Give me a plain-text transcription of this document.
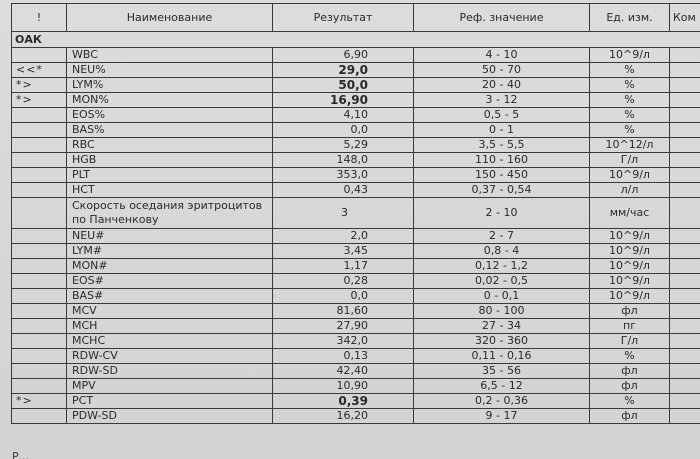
!	Наименование	Результат	Реф. значение	Ед. изм.	Ком
ОАК					
	WBC	6,90	4 - 10	10^9/л	
<<*	NEU%	29,0	50 - 70	%	
*>	LYM%	50,0	20 - 40	%	
*>	MON%	16,90	3 - 12	%	
	EOS%	4,10	0,5 - 5	%	
	BAS%	0,0	0 - 1	%	
	RBC	5,29	3,5 - 5,5	10^12/л	
	HGB	148,0	110 - 160	Г/л	
	PLT	353,0	150 - 450	10^9/л	
	HCT	0,43	0,37 - 0,54	л/л	
	Скорость оседания эритроцитов по Панченкову	3	2 - 10	мм/час	
	NEU#	2,0	2 - 7	10^9/л	
	LYM#	3,45	0,8 - 4	10^9/л	
	MON#	1,17	0,12 - 1,2	10^9/л	
	EOS#	0,28	0,02 - 0,5	10^9/л	
	BAS#	0,0	0 - 0,1	10^9/л	
	MCV	81,60	80 - 100	фл	
	MCH	27,90	27 - 34	пг	
	MCHC	342,0	320 - 360	Г/л	
	RDW-CV	0,13	0,11 - 0,16	%	
	RDW-SD	42,40	35 - 56	фл	
	MPV	10,90	6,5 - 12	фл	
*>	PCT	0,39	0,2 - 0,36	%	
	PDW-SD	16,20	9 - 17	фл	
Р...
